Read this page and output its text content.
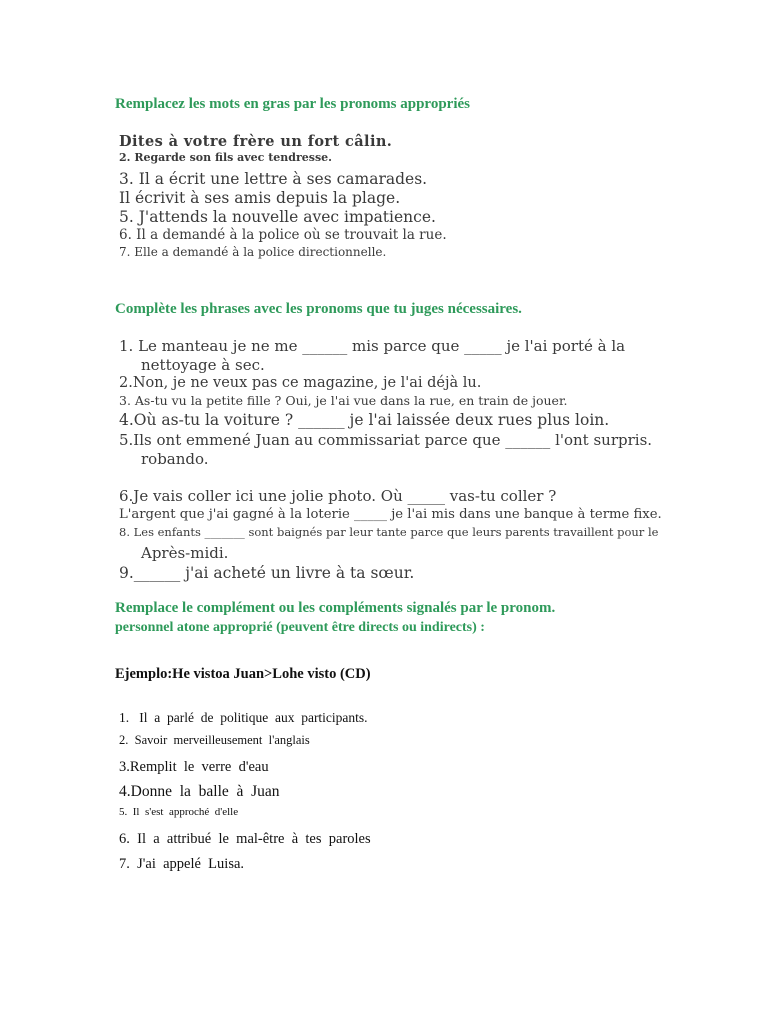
Remplacez les mots en gras par les pronoms appropriés
Dites à votre frère un fort câlin.
2. Regarde son fils avec tendresse.
3. Il a écrit une lettre à ses camarades.
Il écrivit à ses amis depuis la plage.
5. J'attends la nouvelle avec impatience.
6. Il a demandé à la police où se trouvait la rue.
7. Elle a demandé à la police directionnelle.
Complète les phrases avec les pronoms que tu juges nécessaires.
1. Le manteau je ne me ______ mis parce que _____ je l'ai porté à la
nettoyage à sec.
2.Non, je ne veux pas ce magazine, je l'ai déjà lu.
3. As-tu vu la petite fille ? Oui, je l'ai vue dans la rue, en train de jouer.
4.Où as-tu la voiture ? ______ je l'ai laissée deux rues plus loin.
5.Ils ont emmené Juan au commissariat parce que ______ l'ont surpris.
robando.
6.Je vais coller ici une jolie photo. Où _____ vas-tu coller ?
L'argent que j'ai gagné à la loterie _____ je l'ai mis dans une banque à terme fixe.
8. Les enfants _______ sont baignés par leur tante parce que leurs parents travaillent pour le
Après-midi.
9.______ j'ai acheté un livre à ta sœur.
Remplace le complément ou les compléments signalés par le pronom.
personnel atone approprié (peuvent être directs ou indirects) :
Ejemplo:He vistoa Juan>Lohe visto (CD)
1.   Il  a  parlé  de  politique  aux  participants.
2.  Savoir  merveilleusement  l'anglais
3.Remplit  le  verre  d'eau
4.Donne  la  balle  à  Juan
5.  Il  s'est  approché  d'elle
6.  Il  a  attribué  le  mal-être  à  tes  paroles
7.  J'ai  appelé  Luisa.
